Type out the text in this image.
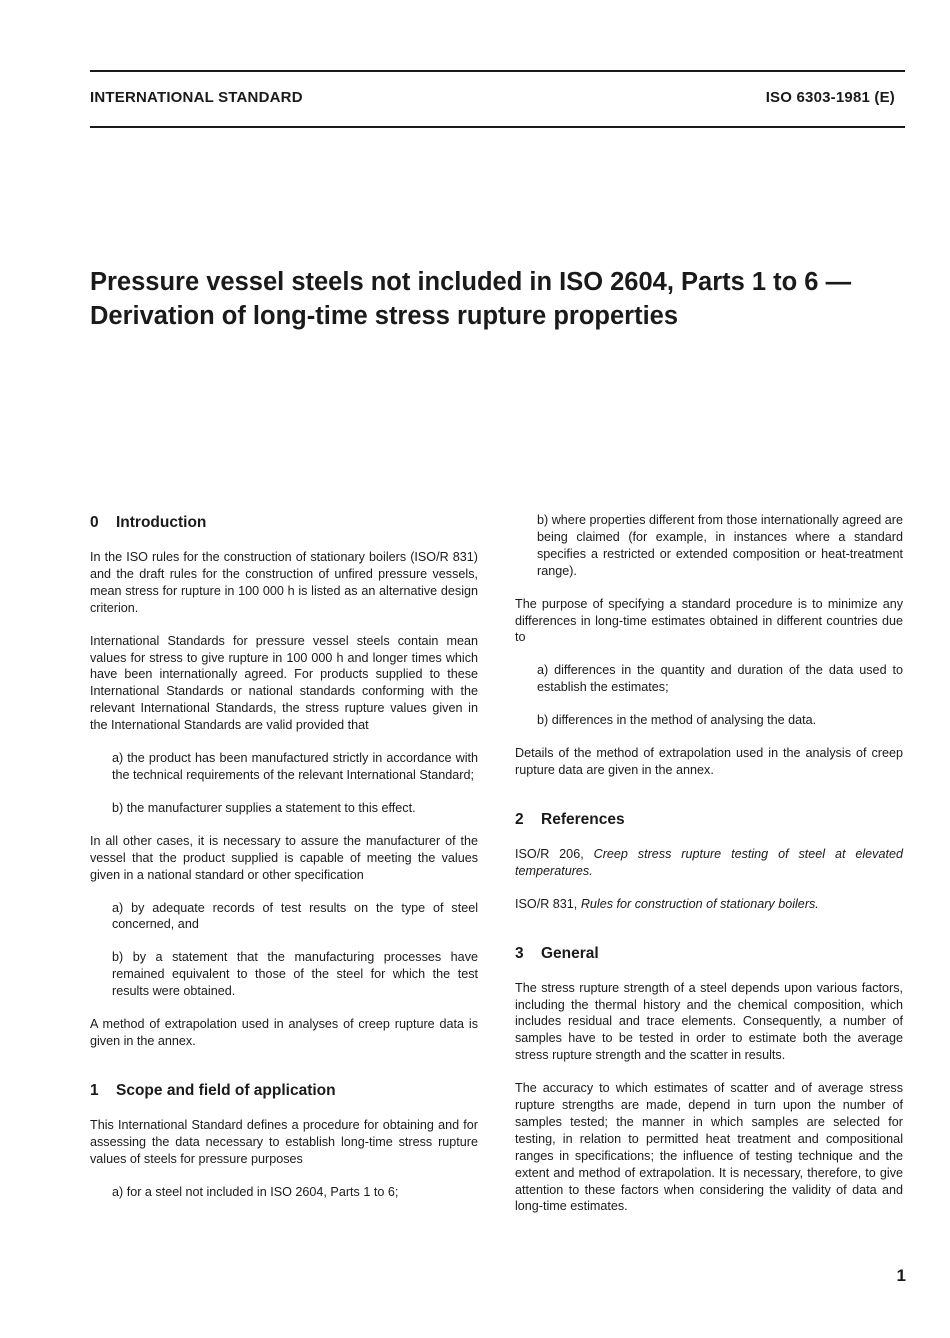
INTERNATIONAL STANDARD	ISO 6303-1981 (E)
Pressure vessel steels not included in ISO 2604, Parts 1 to 6 — Derivation of long-time stress rupture properties
0 Introduction

In the ISO rules for the construction of stationary boilers (ISO/R 831) and the draft rules for the construction of unfired pressure vessels, mean stress for rupture in 100 000 h is listed as an alternative design criterion.

International Standards for pressure vessel steels contain mean values for stress to give rupture in 100 000 h and longer times which have been internationally agreed. For products supplied to these International Standards or national standards conforming with the relevant International Standards, the stress rupture values given in the International Standards are valid provided that

a) the product has been manufactured strictly in accordance with the technical requirements of the relevant International Standard;

b) the manufacturer supplies a statement to this effect.

In all other cases, it is necessary to assure the manufacturer of the vessel that the product supplied is capable of meeting the values given in a national standard or other specification

a) by adequate records of test results on the type of steel concerned, and

b) by a statement that the manufacturing processes have remained equivalent to those of the steel for which the test results were obtained.

A method of extrapolation used in analyses of creep rupture data is given in the annex.

1 Scope and field of application

This International Standard defines a procedure for obtaining and for assessing the data necessary to establish long-time stress rupture values of steels for pressure purposes

a) for a steel not included in ISO 2604, Parts 1 to 6;

b) where properties different from those internationally agreed are being claimed (for example, in instances where a standard specifies a restricted or extended composition or heat-treatment range).

The purpose of specifying a standard procedure is to minimize any differences in long-time estimates obtained in different countries due to

a) differences in the quantity and duration of the data used to establish the estimates;

b) differences in the method of analysing the data.

Details of the method of extrapolation used in the analysis of creep rupture data are given in the annex.

2 References

ISO/R 206, Creep stress rupture testing of steel at elevated temperatures.

ISO/R 831, Rules for construction of stationary boilers.

3 General

The stress rupture strength of a steel depends upon various factors, including the thermal history and the chemical composition, which includes residual and trace elements. Consequently, a number of samples have to be tested in order to estimate both the average stress rupture strength and the scatter in results.

The accuracy to which estimates of scatter and of average stress rupture strengths are made, depend in turn upon the number of samples tested; the manner in which samples are selected for testing, in relation to permitted heat treatment and compositional ranges in specifications; the influence of testing technique and the extent and method of extrapolation. It is necessary, therefore, to give attention to these factors when considering the validity of data and long-time estimates.

1
